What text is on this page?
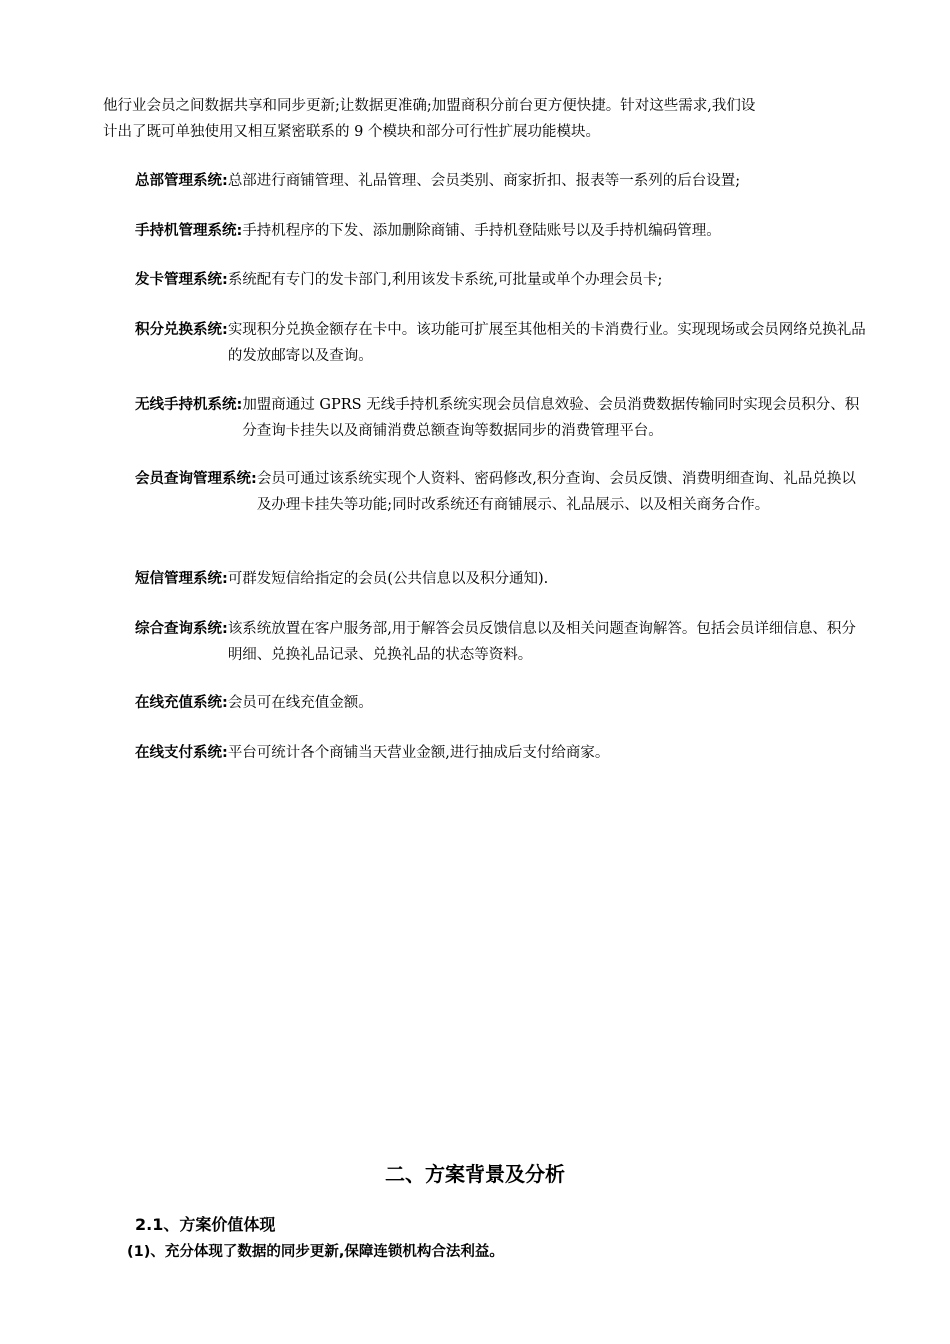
他行业会员之间数据共享和同步更新;让数据更准确;加盟商积分前台更方便快捷。针对这些需求,我们设

计出了既可单独使用又相互紧密联系的 9 个模块和部分可行性扩展功能模块。

总部管理系统: 总部进行商铺管理、礼品管理、会员类别、商家折扣、报表等一系列的后台设置;
手持机管理系统: 手持机程序的下发、添加删除商铺、手持机登陆账号以及手持机编码管理。
发卡管理系统: 系统配有专门的发卡部门,利用该发卡系统,可批量或单个办理会员卡;
积分兑换系统: 实现积分兑换金额存在卡中。该功能可扩展至其他相关的卡消费行业。实现现场或会员网络兑换礼品的发放邮寄以及查询。
无线手持机系统: 加盟商通过 GPRS 无线手持机系统实现会员信息效验、会员消费数据传输同时实现会员积分、积分查询卡挂失以及商铺消费总额查询等数据同步的消费管理平台。
会员查询管理系统: 会员可通过该系统实现个人资料、密码修改,积分查询、会员反馈、消费明细查询、礼品兑换以及办理卡挂失等功能;同时改系统还有商铺展示、礼品展示、以及相关商务合作。
短信管理系统: 可群发短信给指定的会员(公共信息以及积分通知).
综合查询系统: 该系统放置在客户服务部,用于解答会员反馈信息以及相关问题查询解答。包括会员详细信息、积分明细、兑换礼品记录、兑换礼品的状态等资料。
在线充值系统: 会员可在线充值金额。
在线支付系统: 平台可统计各个商铺当天营业金额,进行抽成后支付给商家。
二、方案背景及分析
2.1、方案价值体现
(1)、充分体现了数据的同步更新,保障连锁机构合法利益。
